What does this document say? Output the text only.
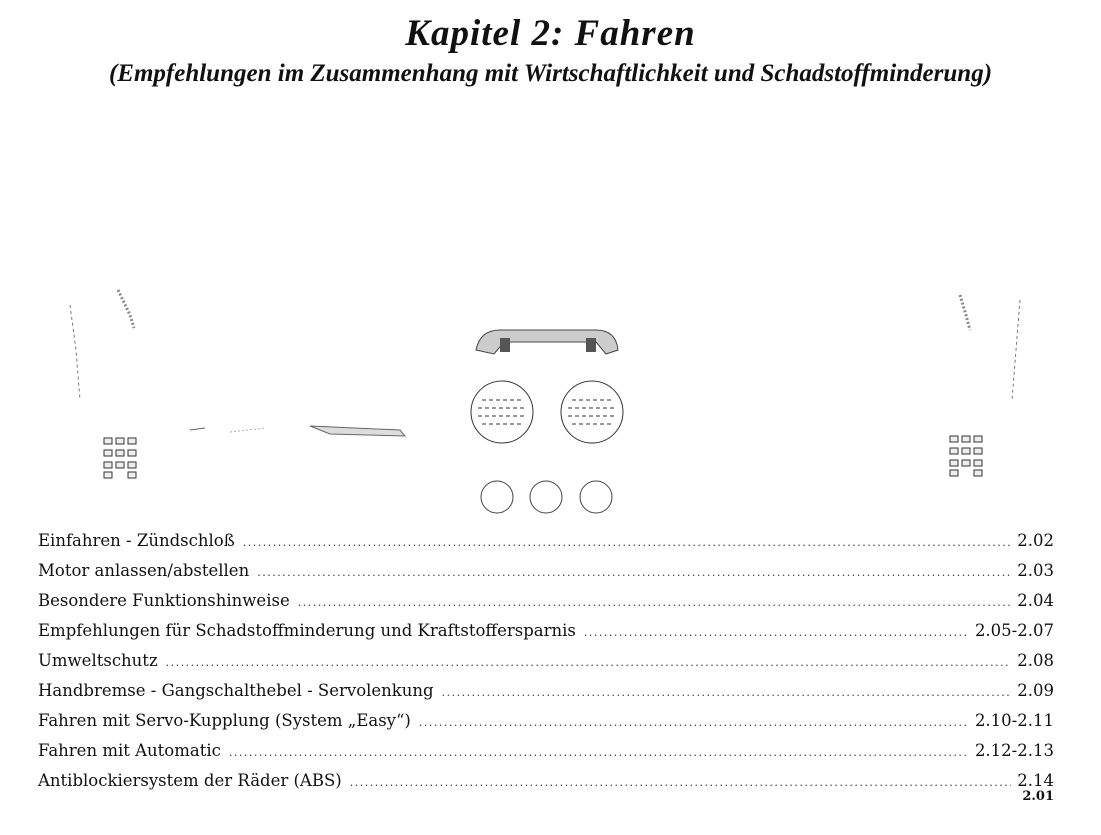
Kapitel 2: Fahren
(Empfehlungen im Zusammenhang mit Wirtschaftlichkeit und Schadstoffminderung)
Einfahren - Zündschloß .....	2.02
Motor anlassen/abstellen .....	2.03
Besondere Funktionshinweise .....	2.04
Empfehlungen für Schadstoffminderung und Kraftstoffersparnis .....	2.05-2.07
Umweltschutz .....	2.08
Handbremse - Gangschalthebel - Servolenkung .....	2.09
Fahren mit Servo-Kupplung (System „Easy“) .....	2.10-2.11
Fahren mit Automatic .....	2.12-2.13
Antiblockiersystem der Räder (ABS) .....	2.14
2.01
